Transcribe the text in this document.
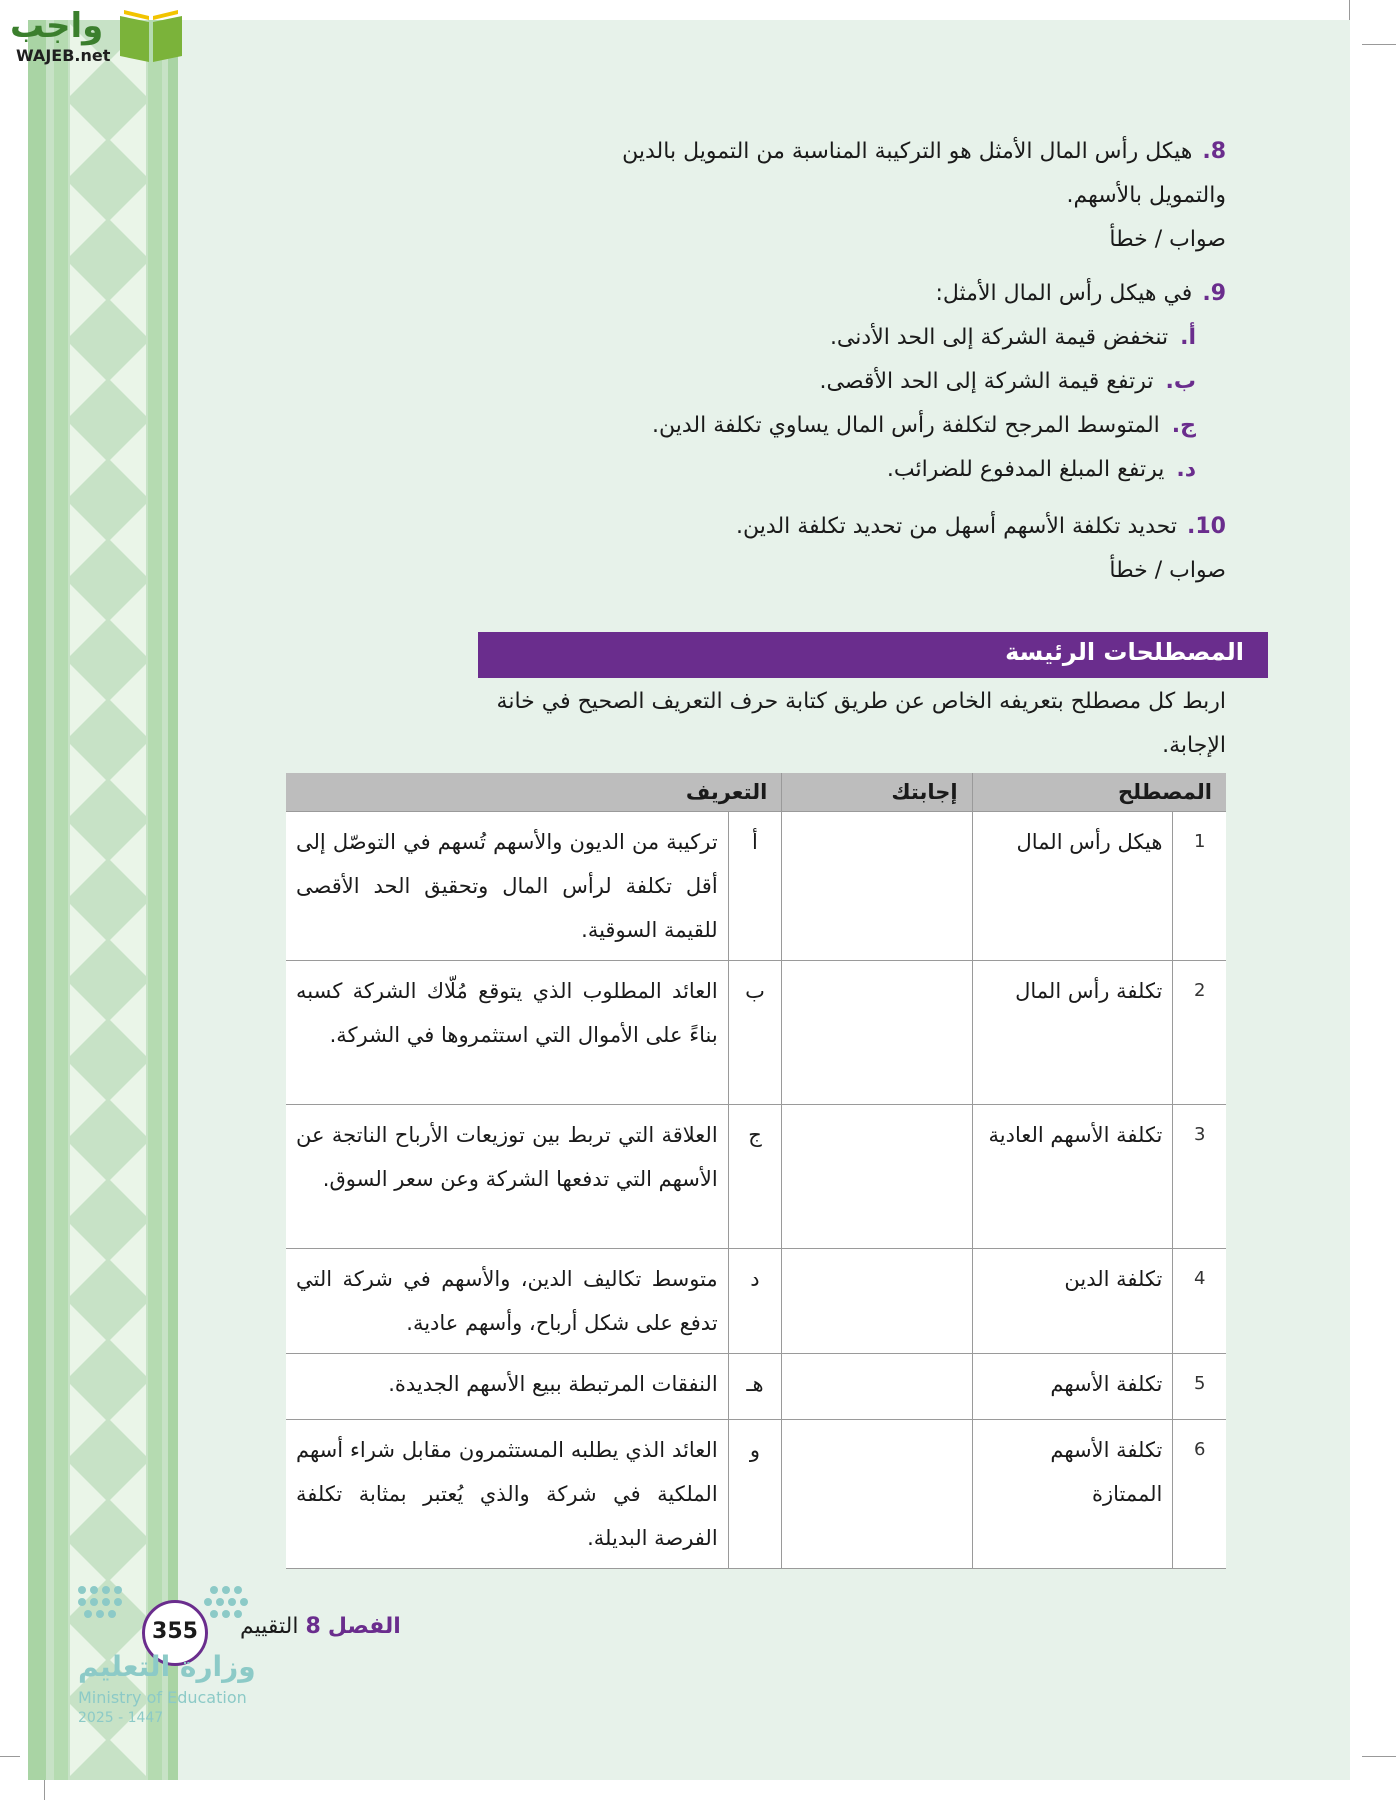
واجب
WAJEB.net
8.هيكل رأس المال الأمثل هو التركيبة المناسبة من التمويل بالدين
والتمويل بالأسهم.
صواب / خطأ
9.في هيكل رأس المال الأمثل:
أ.تنخفض قيمة الشركة إلى الحد الأدنى.
ب.ترتفع قيمة الشركة إلى الحد الأقصى.
ج.المتوسط المرجح لتكلفة رأس المال يساوي تكلفة الدين.
د.يرتفع المبلغ المدفوع للضرائب.
10.تحديد تكلفة الأسهم أسهل من تحديد تكلفة الدين.
صواب / خطأ
المصطلحات الرئيسة
اربط كل مصطلح بتعريفه الخاص عن طريق كتابة حرف التعريف الصحيح في خانة الإجابة.
المصطلح		إجابتك	التعريف	
1	هيكل رأس المال		أ	تركيبة من الديون والأسهم تُسهم في التوصّل إلى أقل تكلفة لرأس المال وتحقيق الحد الأقصى للقيمة السوقية.
2	تكلفة رأس المال		ب	العائد المطلوب الذي يتوقع مُلّاك الشركة كسبه بناءً على الأموال التي استثمروها في الشركة.
3	تكلفة الأسهم العادية		ج	العلاقة التي تربط بين توزيعات الأرباح الناتجة عن الأسهم التي تدفعها الشركة وعن سعر السوق.
4	تكلفة الدين		د	متوسط تكاليف الدين، والأسهم في شركة التي تدفع على شكل أرباح، وأسهم عادية.
5	تكلفة الأسهم		هـ	النفقات المرتبطة ببيع الأسهم الجديدة.
6	تكلفة الأسهم الممتازة		و	العائد الذي يطلبه المستثمرون مقابل شراء أسهم الملكية في شركة والذي يُعتبر بمثابة تكلفة الفرصة البديلة.
355	الفصل 8 التقييم
وزارة التعليم
Ministry of Education
2025 - 1447
